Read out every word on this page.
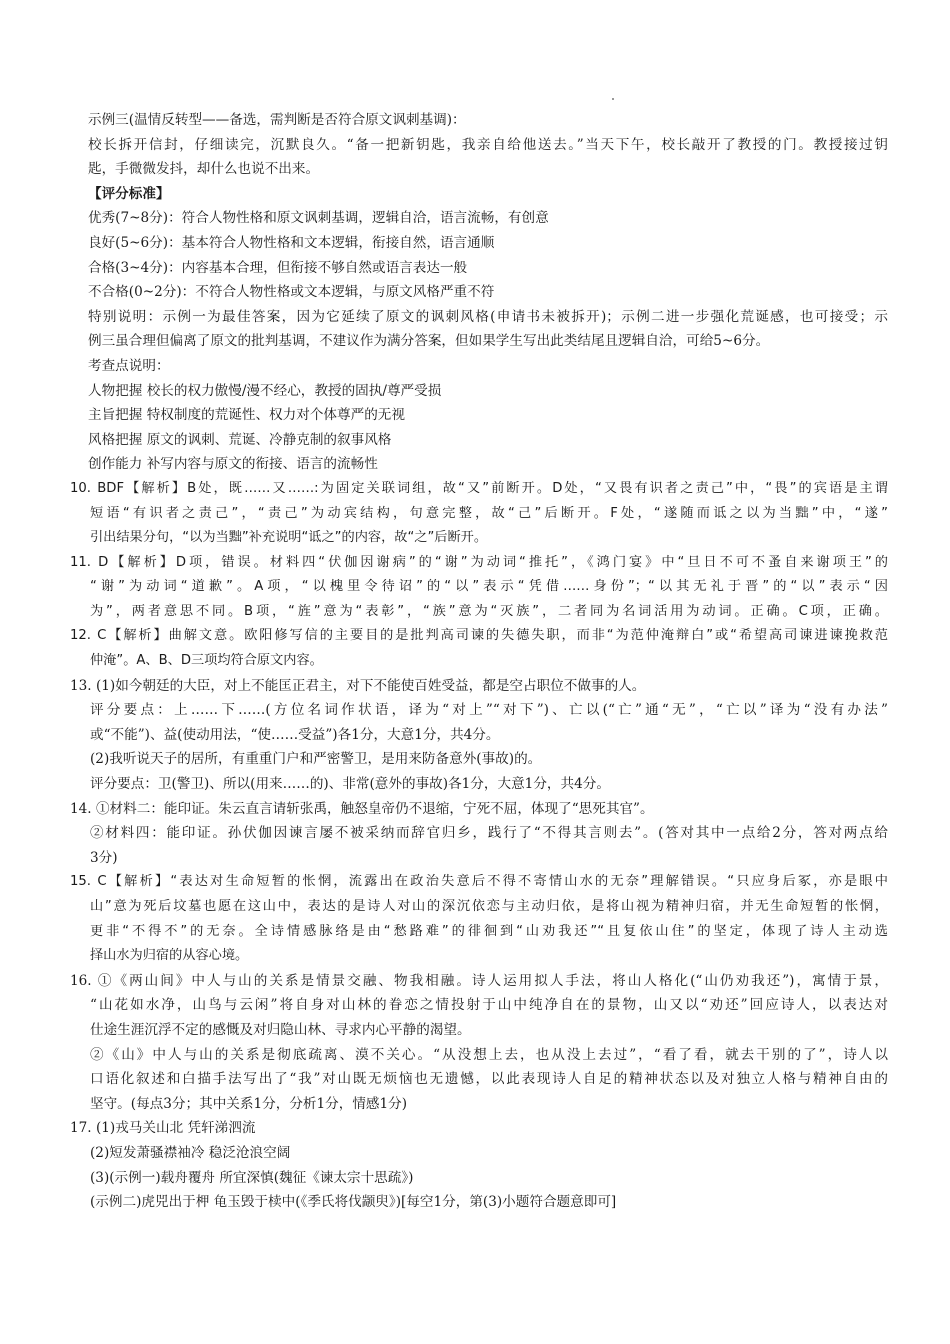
示例三(温情反转型——备选，需判断是否符合原文讽刺基调)：
校长拆开信封，仔细读完，沉默良久。“备一把新钥匙，我亲自给他送去。”当天下午，校长敲开了教授的门。教授接过钥
匙，手微微发抖，却什么也说不出来。
【评分标准】
优秀(7~8分)：符合人物性格和原文讽刺基调，逻辑自洽，语言流畅，有创意
良好(5~6分)：基本符合人物性格和文本逻辑，衔接自然，语言通顺
合格(3~4分)：内容基本合理，但衔接不够自然或语言表达一般
不合格(0~2分)：不符合人物性格或文本逻辑，与原文风格严重不符
特别说明：示例一为最佳答案，因为它延续了原文的讽刺风格(申请书未被拆开)；示例二进一步强化荒诞感，也可接受；示
例三虽合理但偏离了原文的批判基调，不建议作为满分答案，但如果学生写出此类结尾且逻辑自洽，可给5~6分。
考查点说明：
人物把握 校长的权力傲慢/漫不经心，教授的固执/尊严受损
主旨把握 特权制度的荒诞性、权力对个体尊严的无视
风格把握 原文的讽刺、荒诞、冷静克制的叙事风格
创作能力 补写内容与原文的衔接、语言的流畅性
10. BDF【解析】B处，既……又……:为固定关联词组，故“又”前断开。D处，“又畏有识者之责己”中，“畏”的宾语是主谓
短语“有识者之责己”，“责己”为动宾结构，句意完整，故“己”后断开。F处，“遂随而诋之以为当黜”中，“遂”
引出结果分句，“以为当黜”补充说明“诋之”的内容，故“之”后断开。
11. D【解析】D项，错误。材料四“伏伽因谢病”的“谢”为动词“推托”，《鸿门宴》中“旦日不可不蚤自来谢项王”的
“谢”为动词“道歉”。A项，“以槐里令待诏”的“以”表示“凭借……身份”；“以其无礼于晋”的“以”表示“因
为”，两者意思不同。B项，“旌”意为“表彰”，“族”意为“灭族”，二者同为名词活用为动词。正确。C项，正确。
12. C【解析】曲解文意。欧阳修写信的主要目的是批判高司谏的失德失职，而非“为范仲淹辩白”或“希望高司谏进谏挽救范
仲淹”。A、B、D三项均符合原文内容。
13. (1)如今朝廷的大臣，对上不能匡正君主，对下不能使百姓受益，都是空占职位不做事的人。
评分要点：上……下……(方位名词作状语，译为“对上”“对下”)、亡以(“亡”通“无”，“亡以”译为“没有办法”
或“不能”)、益(使动用法，“使……受益”)各1分，大意1分，共4分。
(2)我听说天子的居所，有重重门户和严密警卫，是用来防备意外(事故)的。
评分要点：卫(警卫)、所以(用来……的)、非常(意外的事故)各1分，大意1分，共4分。
14. ①材料二：能印证。朱云直言请斩张禹，触怒皇帝仍不退缩，宁死不屈，体现了“思死其官”。
②材料四：能印证。孙伏伽因谏言屡不被采纳而辞官归乡，践行了“不得其言则去”。(答对其中一点给2分，答对两点给
3分)
15. C【解析】“表达对生命短暂的怅惘，流露出在政治失意后不得不寄情山水的无奈”理解错误。“只应身后冢，亦是眼中
山”意为死后坟墓也愿在这山中，表达的是诗人对山的深沉依恋与主动归依，是将山视为精神归宿，并无生命短暂的怅惘，
更非“不得不”的无奈。全诗情感脉络是由“愁路难”的徘徊到“山劝我还”“且复依山住”的坚定，体现了诗人主动选
择山水为归宿的从容心境。
16. ①《两山间》中人与山的关系是情景交融、物我相融。诗人运用拟人手法，将山人格化(“山仍劝我还”)，寓情于景，
“山花如水净，山鸟与云闲”将自身对山林的眷恋之情投射于山中纯净自在的景物，山又以“劝还”回应诗人，以表达对
仕途生涯沉浮不定的感慨及对归隐山林、寻求内心平静的渴望。
②《山》中人与山的关系是彻底疏离、漠不关心。“从没想上去，也从没上去过”，“看了看，就去干别的了”，诗人以
口语化叙述和白描手法写出了“我”对山既无烦恼也无遗憾，以此表现诗人自足的精神状态以及对独立人格与精神自由的
坚守。(每点3分；其中关系1分，分析1分，情感1分)
17. (1)戎马关山北 凭轩涕泗流
(2)短发萧骚襟袖冷 稳泛沧浪空阔
(3)(示例一)载舟覆舟 所宜深慎(魏征《谏太宗十思疏》)
(示例二)虎兕出于柙 龟玉毁于椟中(《季氏将伐颛臾》)[每空1分，第(3)小题符合题意即可]
